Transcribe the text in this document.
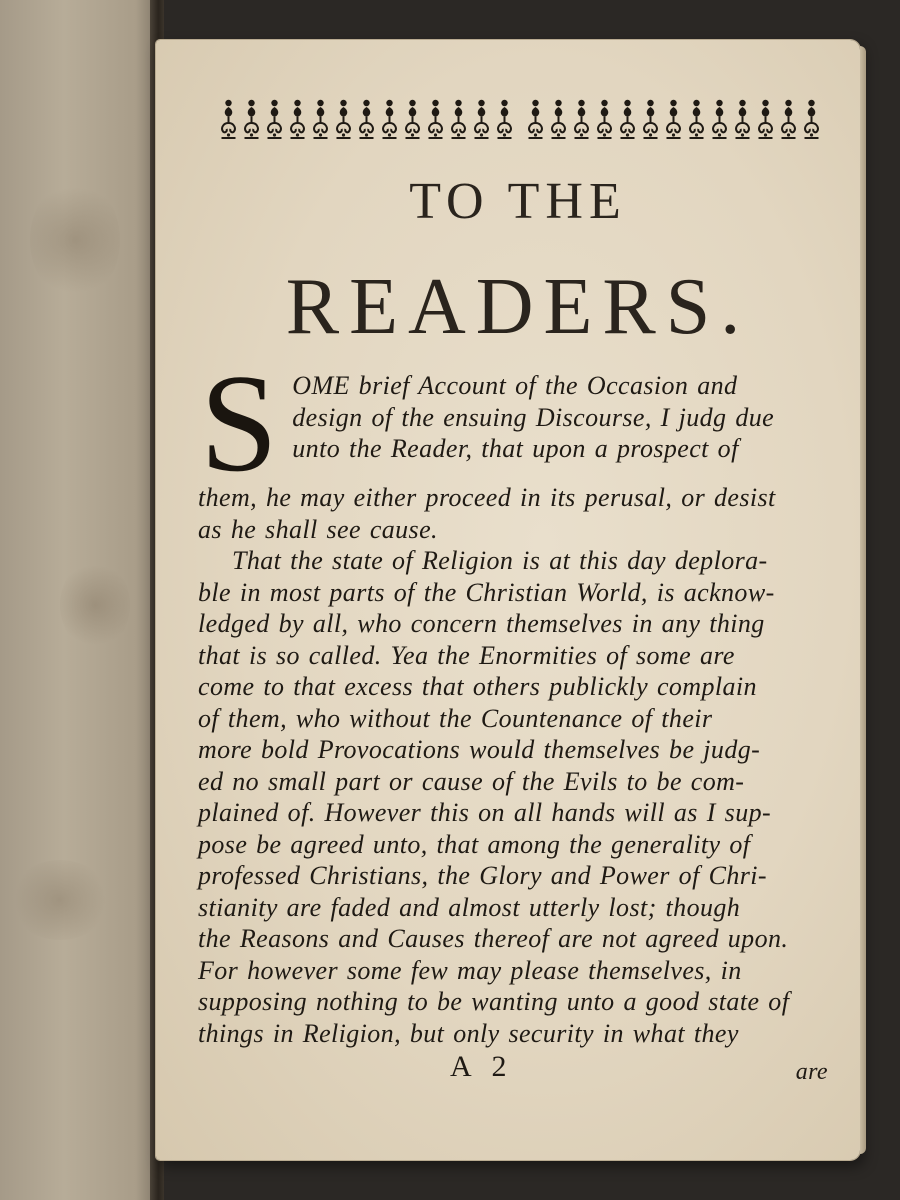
TO THE
READERS.
S OME brief Account of the Occasion and
design of the ensuing Discourse, I judg due
unto the Reader, that upon a prospect of
them, he may either proceed in its perusal, or desist
as he shall see cause.
That the state of Religion is at this day deplora-
ble in most parts of the Christian World, is acknow-
ledged by all, who concern themselves in any thing
that is so called. Yea the Enormities of some are
come to that excess that others publickly complain
of them, who without the Countenance of their
more bold Provocations would themselves be judg-
ed no small part or cause of the Evils to be com-
plained of. However this on all hands will as I sup-
pose be agreed unto, that among the generality of
professed Christians, the Glory and Power of Chri-
stianity are faded and almost utterly lost; though
the Reasons and Causes thereof are not agreed upon.
For however some few may please themselves, in
supposing nothing to be wanting unto a good state of
things in Religion, but only security in what they
A 2	are
